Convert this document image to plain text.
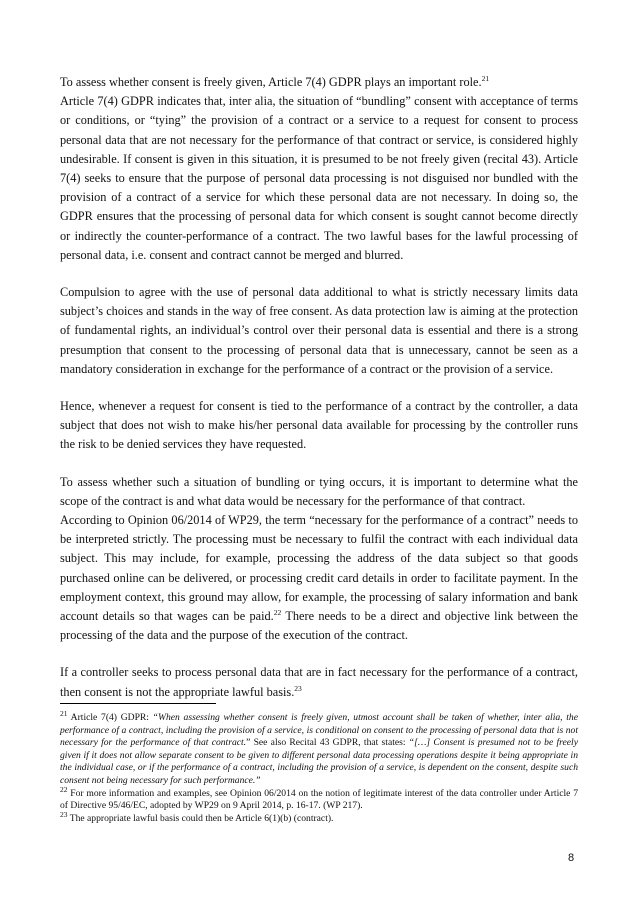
To assess whether consent is freely given, Article 7(4) GDPR plays an important role.$^{21}$

Article 7(4) GDPR indicates that, inter alia, the situation of “bundling” consent with acceptance of terms or conditions, or “tying” the provision of a contract or a service to a request for consent to process personal data that are not necessary for the performance of that contract or service, is considered highly undesirable. If consent is given in this situation, it is presumed to be not freely given (recital 43). Article 7(4) seeks to ensure that the purpose of personal data processing is not disguised nor bundled with the provision of a contract of a service for which these personal data are not necessary. In doing so, the GDPR ensures that the processing of personal data for which consent is sought cannot become directly or indirectly the counter-performance of a contract. The two lawful bases for the lawful processing of personal data, i.e. consent and contract cannot be merged and blurred.

Compulsion to agree with the use of personal data additional to what is strictly necessary limits data subject’s choices and stands in the way of free consent. As data protection law is aiming at the protection of fundamental rights, an individual’s control over their personal data is essential and there is a strong presumption that consent to the processing of personal data that is unnecessary, cannot be seen as a mandatory consideration in exchange for the performance of a contract or the provision of a service.

Hence, whenever a request for consent is tied to the performance of a contract by the controller, a data subject that does not wish to make his/her personal data available for processing by the controller runs the risk to be denied services they have requested.

To assess whether such a situation of bundling or tying occurs, it is important to determine what the scope of the contract is and what data would be necessary for the performance of that contract.

According to Opinion 06/2014 of WP29, the term “necessary for the performance of a contract” needs to be interpreted strictly. The processing must be necessary to fulfil the contract with each individual data subject. This may include, for example, processing the address of the data subject so that goods purchased online can be delivered, or processing credit card details in order to facilitate payment. In the employment context, this ground may allow, for example, the processing of salary information and bank account details so that wages can be paid.$^{22}$ There needs to be a direct and objective link between the processing of the data and the purpose of the execution of the contract.

If a controller seeks to process personal data that are in fact necessary for the performance of a contract, then consent is not the appropriate lawful basis.$^{23}$

$^{21}$ Article 7(4) GDPR: “When assessing whether consent is freely given, utmost account shall be taken of whether, inter alia, the performance of a contract, including the provision of a service, is conditional on consent to the processing of personal data that is not necessary for the performance of that contract.” See also Recital 43 GDPR, that states: “[…] Consent is presumed not to be freely given if it does not allow separate consent to be given to different personal data processing operations despite it being appropriate in the individual case, or if the performance of a contract, including the provision of a service, is dependent on the consent, despite such consent not being necessary for such performance.”

$^{22}$ For more information and examples, see Opinion 06/2014 on the notion of legitimate interest of the data controller under Article 7 of Directive 95/46/EC, adopted by WP29 on 9 April 2014, p. 16-17. (WP 217).

$^{23}$ The appropriate lawful basis could then be Article 6(1)(b) (contract).

8
